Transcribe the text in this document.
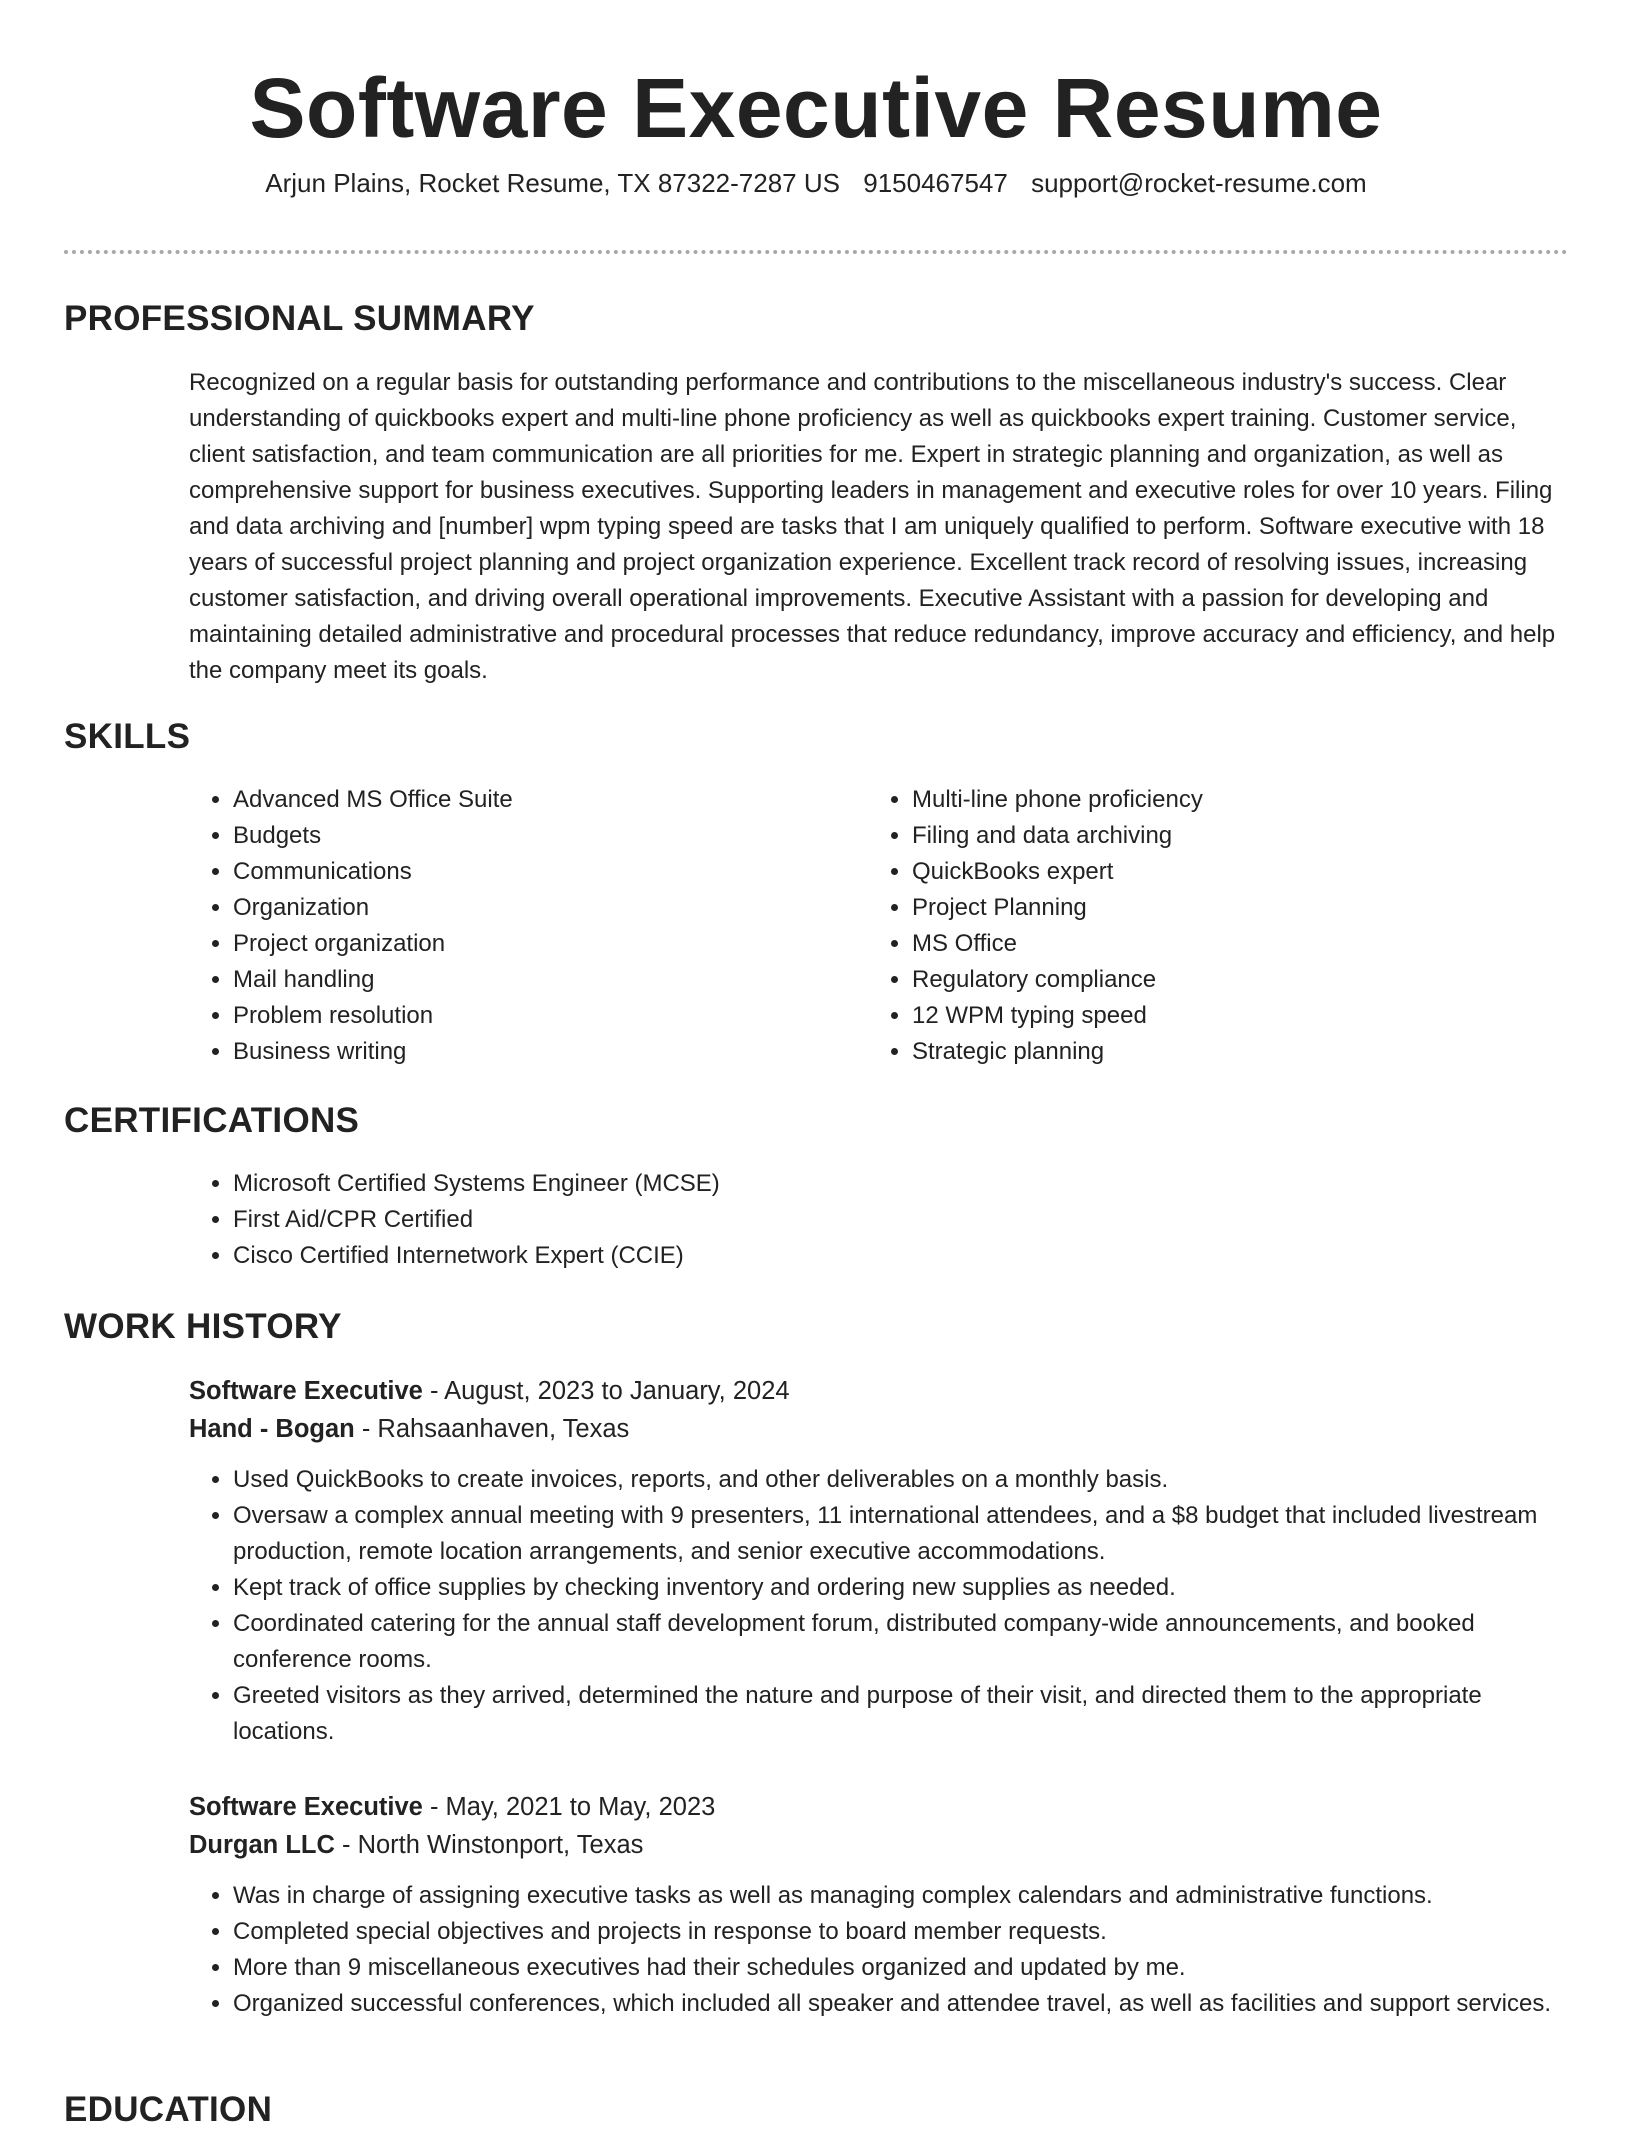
Software Executive Resume
Arjun Plains, Rocket Resume, TX 87322-7287 US 9150467547 support@rocket-resume.com
PROFESSIONAL SUMMARY

Recognized on a regular basis for outstanding performance and contributions to the miscellaneous industry's success. Clear understanding of quickbooks expert and multi-line phone proficiency as well as quickbooks expert training. Customer service, client satisfaction, and team communication are all priorities for me. Expert in strategic planning and organization, as well as comprehensive support for business executives. Supporting leaders in management and executive roles for over 10 years. Filing and data archiving and [number] wpm typing speed are tasks that I am uniquely qualified to perform. Software executive with 18 years of successful project planning and project organization experience. Excellent track record of resolving issues, increasing customer satisfaction, and driving overall operational improvements. Executive Assistant with a passion for developing and maintaining detailed administrative and procedural processes that reduce redundancy, improve accuracy and efficiency, and help the company meet its goals.

SKILLS
• Advanced MS Office Suite
• Budgets
• Communications
• Organization
• Project organization
• Mail handling
• Problem resolution
• Business writing
• Multi-line phone proficiency
• Filing and data archiving
• QuickBooks expert
• Project Planning
• MS Office
• Regulatory compliance
• 12 WPM typing speed
• Strategic planning
CERTIFICATIONS
• Microsoft Certified Systems Engineer (MCSE)
• First Aid/CPR Certified
• Cisco Certified Internetwork Expert (CCIE)
WORK HISTORY

Software Executive - August, 2023 to January, 2024

Hand - Bogan - Rahsaanhaven, Texas

• Used QuickBooks to create invoices, reports, and other deliverables on a monthly basis.
• Oversaw a complex annual meeting with 9 presenters, 11 international attendees, and a $8 budget that included livestream production, remote location arrangements, and senior executive accommodations.
• Kept track of office supplies by checking inventory and ordering new supplies as needed.
• Coordinated catering for the annual staff development forum, distributed company-wide announcements, and booked conference rooms.
• Greeted visitors as they arrived, determined the nature and purpose of their visit, and directed them to the appropriate locations.

Software Executive - May, 2021 to May, 2023

Durgan LLC - North Winstonport, Texas

• Was in charge of assigning executive tasks as well as managing complex calendars and administrative functions.
• Completed special objectives and projects in response to board member requests.
• More than 9 miscellaneous executives had their schedules organized and updated by me.
• Organized successful conferences, which included all speaker and attendee travel, as well as facilities and support services.
EDUCATION
